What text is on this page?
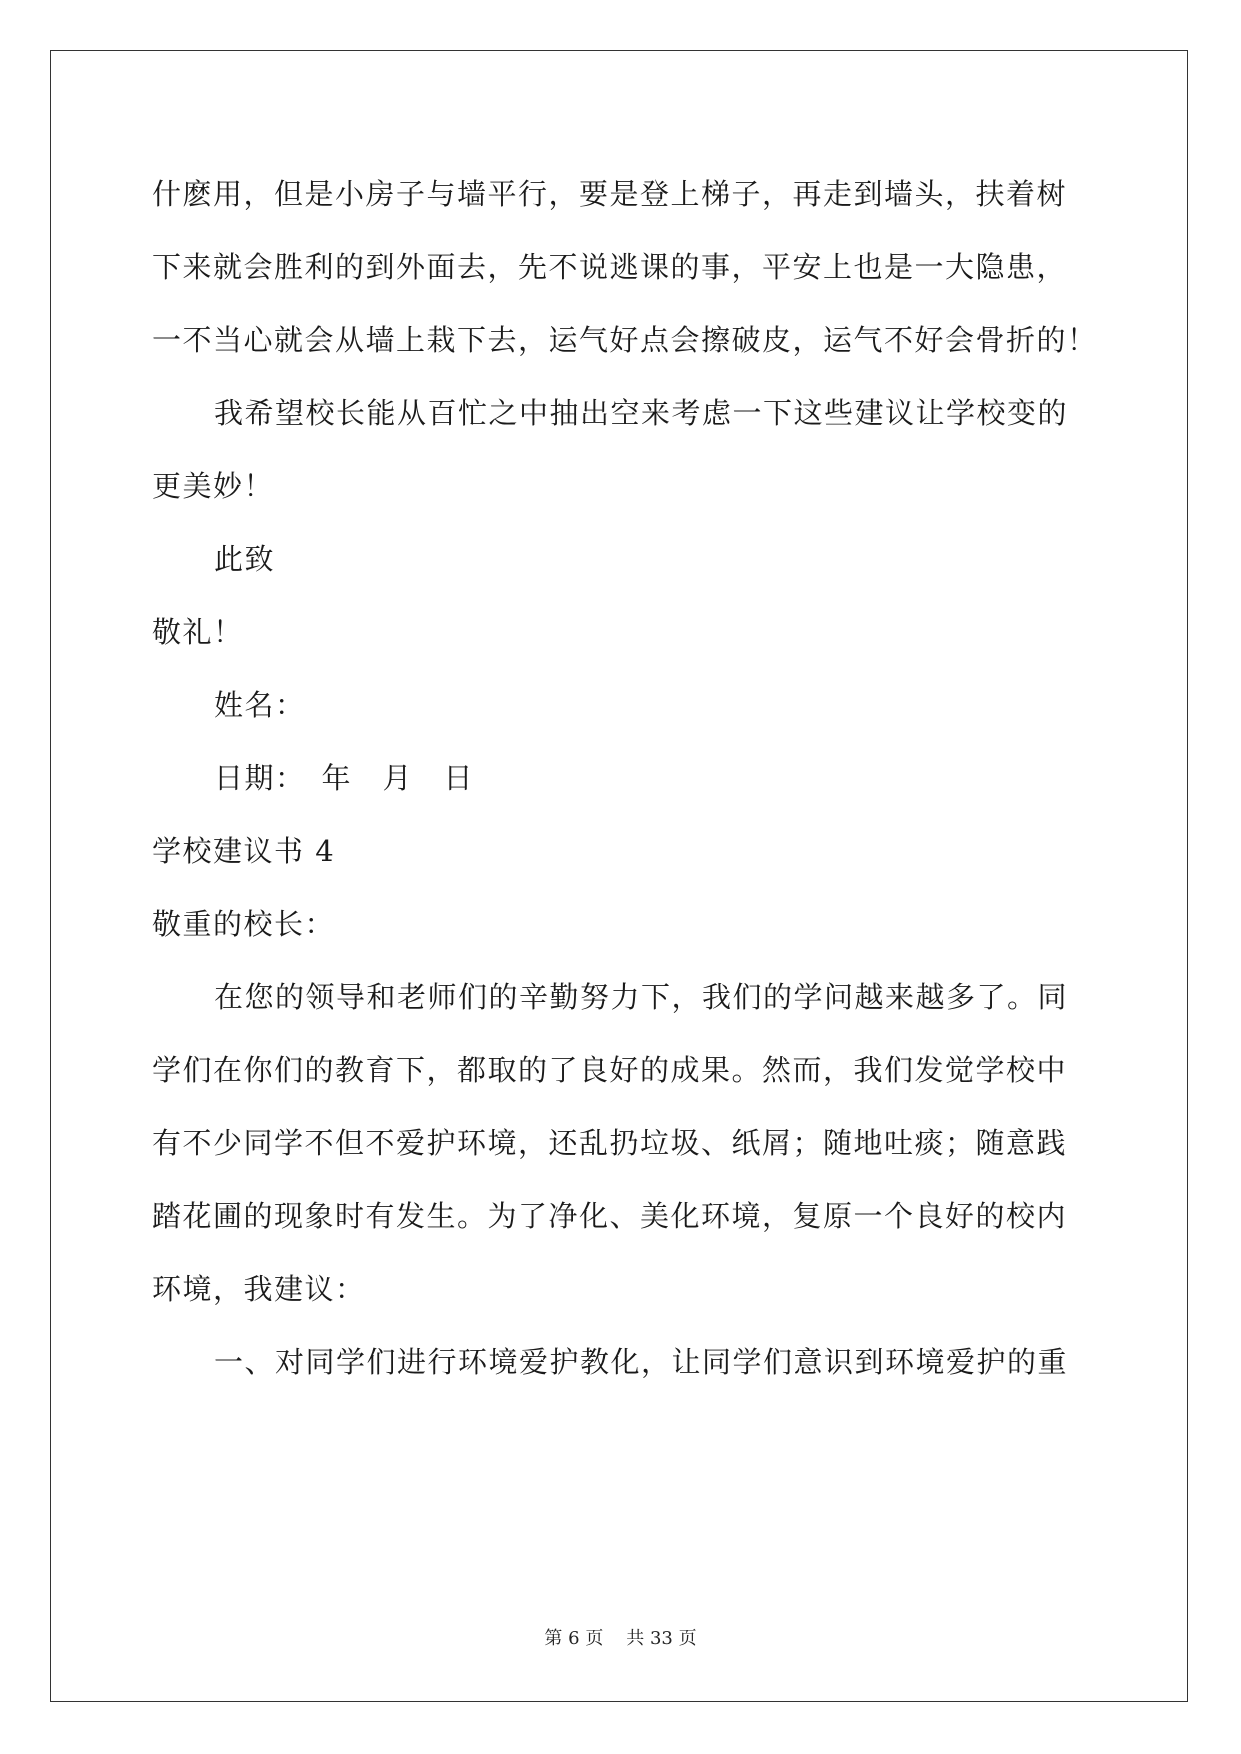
什麽用，但是小房子与墙平行，要是登上梯子，再走到墙头，扶着树
下来就会胜利的到外面去，先不说逃课的事，平安上也是一大隐患，
一不当心就会从墙上栽下去，运气好点会擦破皮，运气不好会骨折的！
我希望校长能从百忙之中抽出空来考虑一下这些建议让学校变的
更美妙！
此致
敬礼！
姓名：
日期：　年　月　日
学校建议书 4
敬重的校长：
在您的领导和老师们的辛勤努力下，我们的学问越来越多了。同
学们在你们的教育下，都取的了良好的成果。然而，我们发觉学校中
有不少同学不但不爱护环境，还乱扔垃圾、纸屑；随地吐痰；随意践
踏花圃的现象时有发生。为了净化、美化环境，复原一个良好的校内
环境，我建议：
一、对同学们进行环境爱护教化，让同学们意识到环境爱护的重
第 6 页 共 33 页
